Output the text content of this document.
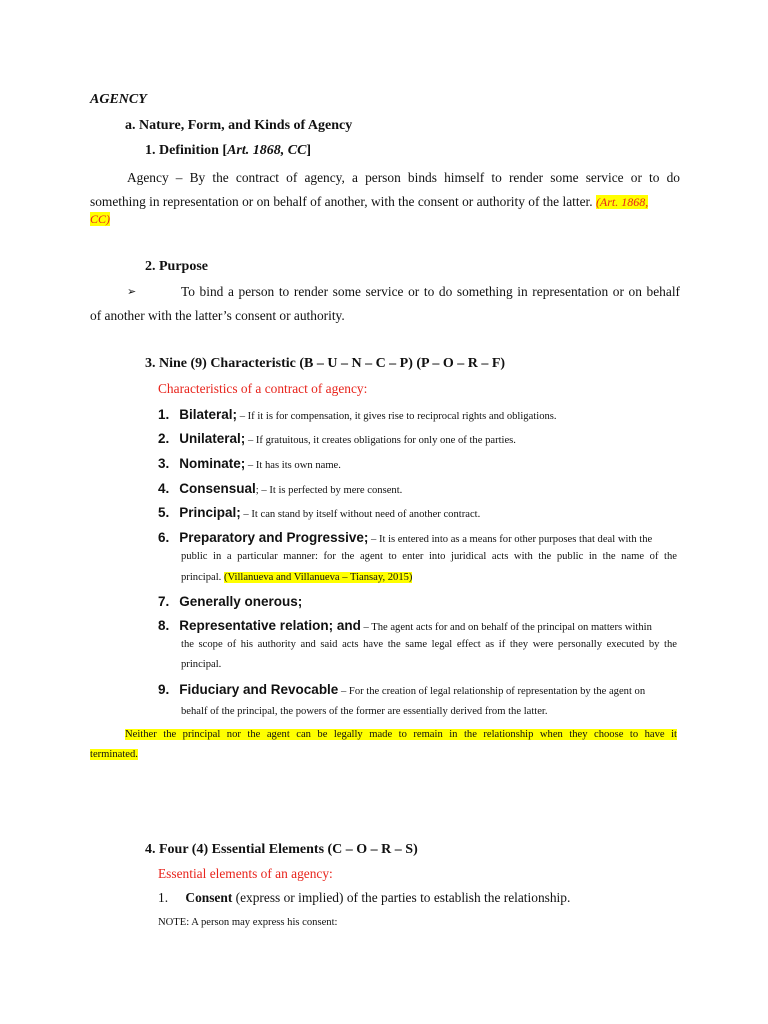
AGENCY
a. Nature, Form, and Kinds of Agency
1. Definition [Art. 1868, CC]
Agency – By the contract of agency, a person binds himself to render some service or to do
something in representation or on behalf of another, with the consent or authority of the latter. (Art. 1868,
CC)
2. Purpose
➢	To bind a person to render some service or to do something in representation or on behalf
of another with the latter’s consent or authority.
3. Nine (9) Characteristic (B – U – N – C – P) (P – O – R – F)
Characteristics of a contract of agency:
1. Bilateral; – If it is for compensation, it gives rise to reciprocal rights and obligations.
2. Unilateral; – If gratuitous, it creates obligations for only one of the parties.
3. Nominate; – It has its own name.
4. Consensual; – It is perfected by mere consent.
5. Principal; – It can stand by itself without need of another contract.
6. Preparatory and Progressive; – It is entered into as a means for other purposes that deal with the
public in a particular manner: for the agent to enter into juridical acts with the public in the name of the
principal. (Villanueva and Villanueva – Tiansay, 2015)
7. Generally onerous;
8. Representative relation; and – The agent acts for and on behalf of the principal on matters within
the scope of his authority and said acts have the same legal effect as if they were personally executed by the
principal.
9. Fiduciary and Revocable – For the creation of legal relationship of representation by the agent on
behalf of the principal, the powers of the former are essentially derived from the latter.
Neither the principal nor the agent can be legally made to remain in the relationship when they choose to have it
terminated.
4. Four (4) Essential Elements (C – O – R – S)
Essential elements of an agency:
1. Consent (express or implied) of the parties to establish the relationship.
NOTE: A person may express his consent:
